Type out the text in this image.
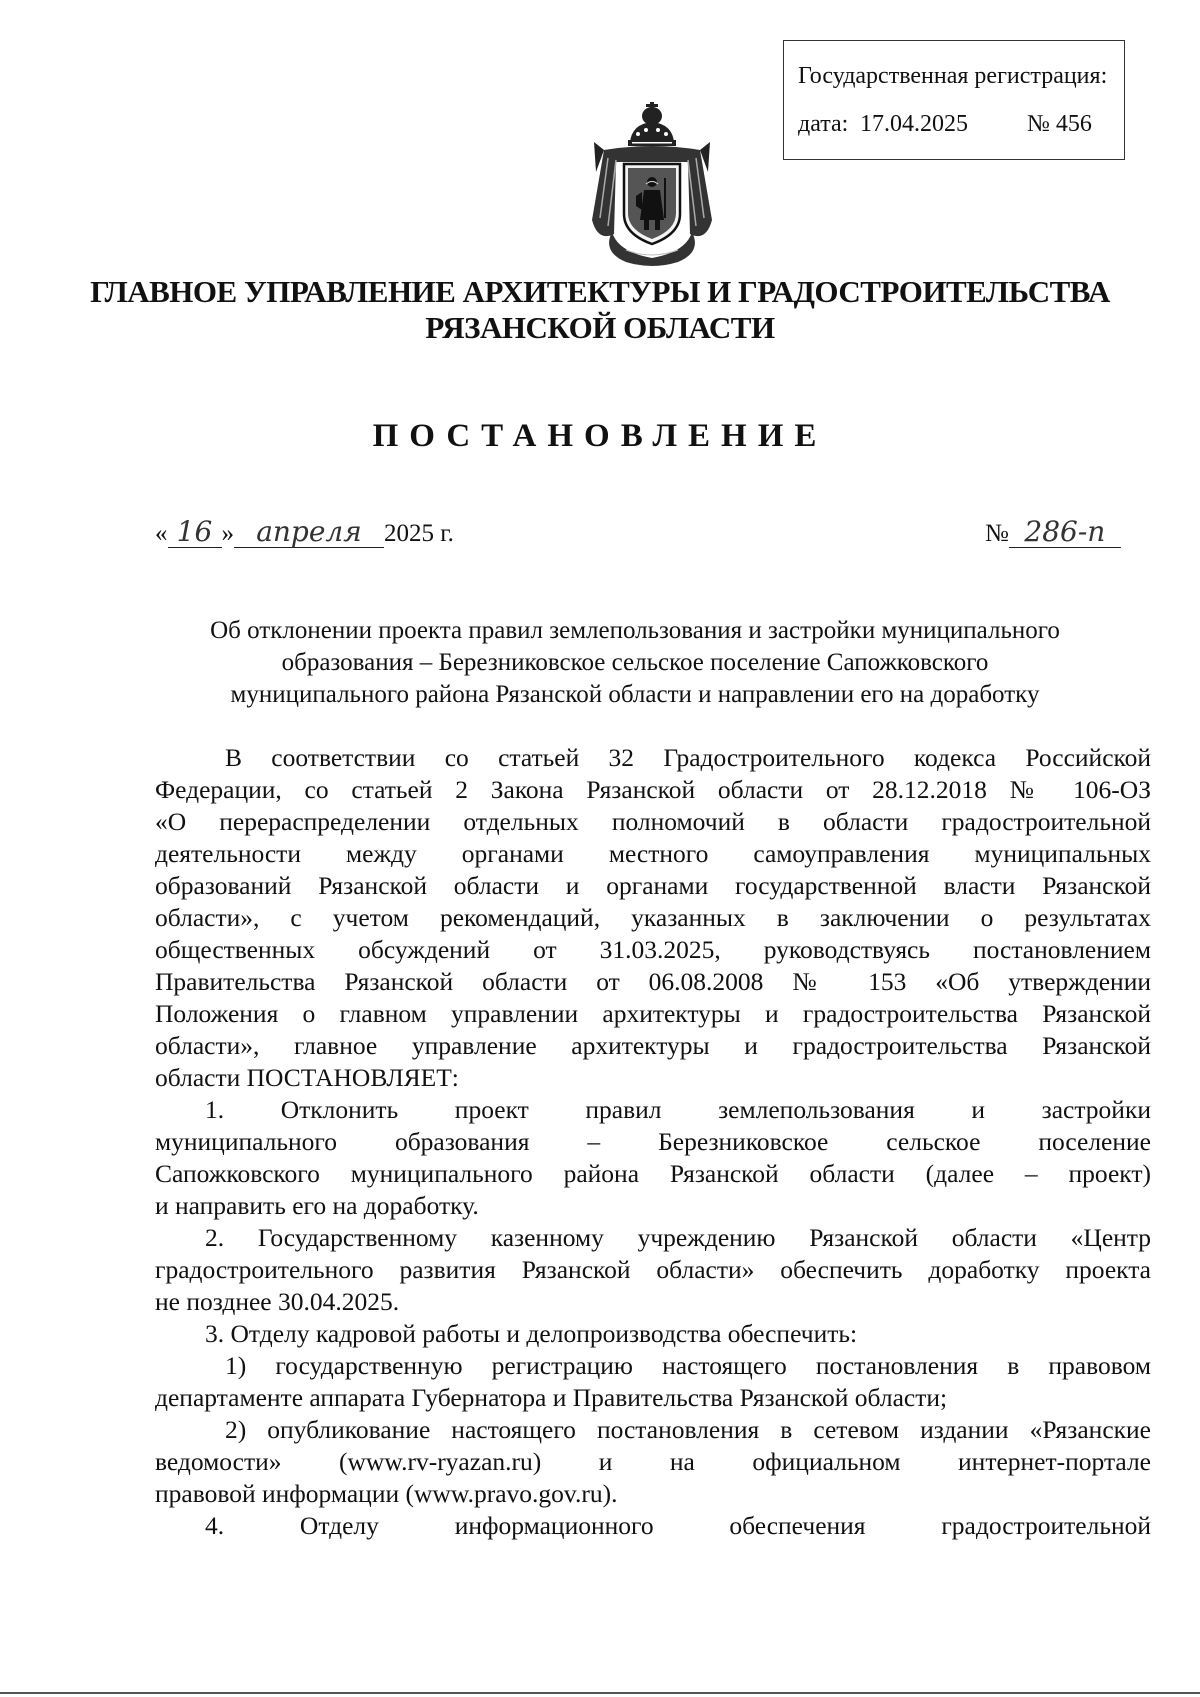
Государственная регистрация:
дата: 17.04.2025 № 456
ГЛАВНОЕ УПРАВЛЕНИЕ АРХИТЕКТУРЫ И ГРАДОСТРОИТЕЛЬСТВА
РЯЗАНСКОЙ ОБЛАСТИ
ПОСТАНОВЛЕНИЕ
« 16 » апреля 2025 г.	№ 286-п
Об отклонении проекта правил землепользования и застройки муниципального
образования – Березниковское сельское поселение Сапожковского
муниципального района Рязанской области и направлении его на доработку
В соответствии со статьей 32 Градостроительного кодекса Российской
Федерации, со статьей 2 Закона Рязанской области от 28.12.2018 № 106-ОЗ
«О перераспределении отдельных полномочий в области градостроительной
деятельности между органами местного самоуправления муниципальных
образований Рязанской области и органами государственной власти Рязанской
области», с учетом рекомендаций, указанных в заключении о результатах
общественных обсуждений от 31.03.2025, руководствуясь постановлением
Правительства Рязанской области от 06.08.2008 № 153 «Об утверждении
Положения о главном управлении архитектуры и градостроительства Рязанской
области», главное управление архитектуры и градостроительства Рязанской
области ПОСТАНОВЛЯЕТ:
1. Отклонить проект правил землепользования и застройки
муниципального образования – Березниковское сельское поселение
Сапожковского муниципального района Рязанской области (далее – проект)
и направить его на доработку.
2. Государственному казенному учреждению Рязанской области «Центр
градостроительного развития Рязанской области» обеспечить доработку проекта
не позднее 30.04.2025.
3. Отделу кадровой работы и делопроизводства обеспечить:
1) государственную регистрацию настоящего постановления в правовом
департаменте аппарата Губернатора и Правительства Рязанской области;
2) опубликование настоящего постановления в сетевом издании «Рязанские
ведомости» (www.rv-ryazan.ru) и на официальном интернет-портале
правовой информации (www.pravo.gov.ru).
4. Отделу информационного обеспечения градостроительной
